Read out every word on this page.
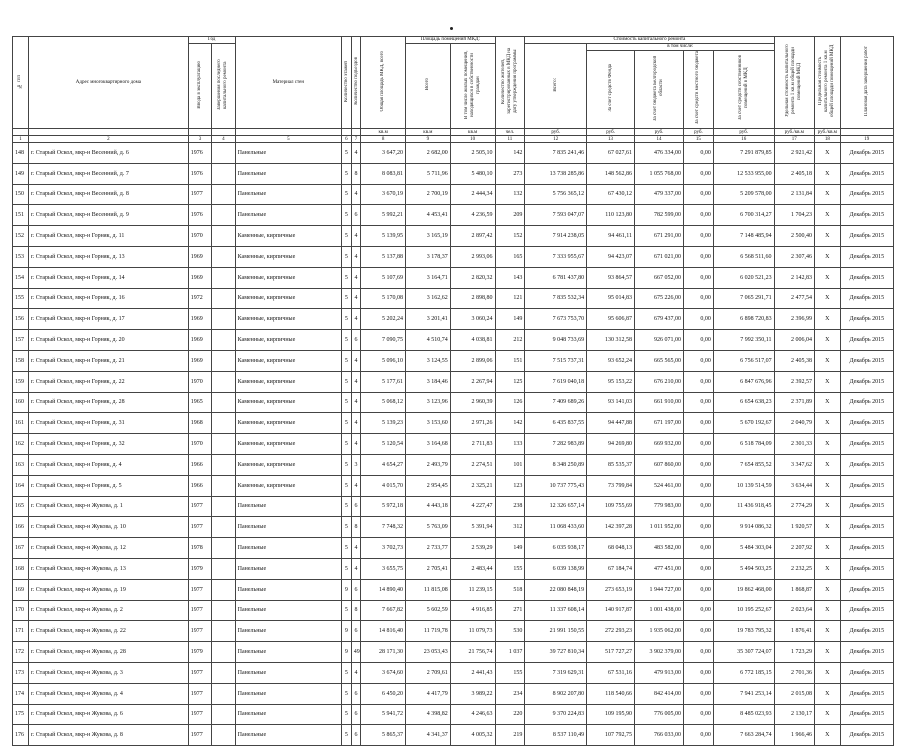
№ п/п	Адрес многоквартирного дома	Год		Материал стен	Количество этажей	Количество подъездов	Общая площадь МКД, всего	Площадь помещений МКД:		Количество жителей, зарегистрированных в МКД на дату утверждения программы	Стоимость капитального ремонта					Удельная стоимость капитального ремонта 1 кв.м общей площади помещений МКД	Предельная стоимость капитального ремонта 1 кв.м общей площади помещений МКД	Плановая дата завершения работ
		Ввода в эксплуатацию	Завершения последнего капитального ремонта					Всего	В том числе жилых помещений, находящихся в собственности граждан		Всего:	в том числе:						
												За счет средств Фонда	За счет бюджета Белгородской области	За счет средств местного бюджета	За счет средств собственников помещений в МКД			
							кв.м	кв.м	кв.м	чел.	руб.	руб.	руб.	руб.	руб.	руб./кв.м	руб./кв.м	
1	2	3	4	5	6	7	8	9	10	11	12	13	14	15	16	17	18	19
148	г. Старый Оскол, мкр-н Весенний, д. 6	1976		Панельные	5	4	3 647,20	2 682,00	2 505,10	142	7 835 241,46	67 027,61	476 334,00	0,00	7 291 879,85	2 921,42	X	Декабрь 2015
149	г. Старый Оскол, мкр-н Весенний, д. 7	1976		Панельные	5	8	8 083,81	5 711,96	5 480,10	273	13 738 285,86	148 562,86	1 055 768,00	0,00	12 533 955,00	2 405,18	X	Декабрь 2015
150	г. Старый Оскол, мкр-н Весенний, д. 8	1977		Панельные	5	4	3 670,19	2 700,19	2 444,34	132	5 756 365,12	67 430,12	479 337,00	0,00	5 209 578,00	2 131,84	X	Декабрь 2015
151	г. Старый Оскол, мкр-н Весенний, д. 9	1976		Панельные	5	6	5 992,21	4 453,41	4 236,59	209	7 593 047,07	110 123,80	782 599,00	0,00	6 700 314,27	1 704,23	X	Декабрь 2015
152	г. Старый Оскол, мкр-н Горняк, д. 11	1970		Каменные, кирпичные	5	4	5 139,95	3 165,19	2 897,42	152	7 914 238,05	94 461,11	671 291,00	0,00	7 148 485,94	2 500,40	X	Декабрь 2015
153	г. Старый Оскол, мкр-н Горняк, д. 13	1969		Каменные, кирпичные	5	4	5 137,88	3 178,37	2 993,06	165	7 333 955,67	94 423,07	671 021,00	0,00	6 568 511,60	2 307,46	X	Декабрь 2015
154	г. Старый Оскол, мкр-н Горняк, д. 14	1969		Каменные, кирпичные	5	4	5 107,69	3 164,71	2 820,32	143	6 781 437,80	93 864,57	667 052,00	0,00	6 020 521,23	2 142,83	X	Декабрь 2015
155	г. Старый Оскол, мкр-н Горняк, д. 16	1972		Каменные, кирпичные	5	4	5 170,08	3 162,62	2 898,80	121	7 835 532,34	95 014,83	675 226,00	0,00	7 065 291,71	2 477,54	X	Декабрь 2015
156	г. Старый Оскол, мкр-н Горняк, д. 17	1969		Каменные, кирпичные	5	4	5 202,24	3 201,41	3 060,24	149	7 673 753,70	95 606,87	679 437,00	0,00	6 898 720,83	2 396,99	X	Декабрь 2015
157	г. Старый Оскол, мкр-н Горняк, д. 20	1969		Каменные, кирпичные	5	6	7 090,75	4 510,74	4 038,81	212	9 048 733,69	130 312,58	926 071,00	0,00	7 992 350,11	2 006,04	X	Декабрь 2015
158	г. Старый Оскол, мкр-н Горняк, д. 21	1969		Каменные, кирпичные	5	4	5 096,10	3 124,55	2 899,06	151	7 515 737,31	93 652,24	665 565,00	0,00	6 756 517,07	2 405,38	X	Декабрь 2015
159	г. Старый Оскол, мкр-н Горняк, д. 22	1970		Каменные, кирпичные	5	4	5 177,61	3 184,46	2 267,94	125	7 619 040,18	95 153,22	676 210,00	0,00	6 847 676,96	2 392,57	X	Декабрь 2015
160	г. Старый Оскол, мкр-н Горняк, д. 28	1965		Каменные, кирпичные	5	4	5 068,12	3 123,96	2 960,39	126	7 409 689,26	93 141,03	661 910,00	0,00	6 654 638,23	2 371,89	X	Декабрь 2015
161	г. Старый Оскол, мкр-н Горняк, д. 31	1968		Каменные, кирпичные	5	4	5 139,23	3 153,60	2 971,26	142	6 435 837,55	94 447,88	671 197,00	0,00	5 670 192,67	2 040,79	X	Декабрь 2015
162	г. Старый Оскол, мкр-н Горняк, д. 32	1970		Каменные, кирпичные	5	4	5 120,54	3 164,68	2 711,83	133	7 282 983,89	94 269,80	669 932,00	0,00	6 518 784,09	2 301,33	X	Декабрь 2015
163	г. Старый Оскол, мкр-н Горняк, д. 4	1966		Каменные, кирпичные	5	3	4 654,27	2 493,79	2 274,51	101	8 348 250,89	85 535,37	607 860,00	0,00	7 654 855,52	3 347,62	X	Декабрь 2015
164	г. Старый Оскол, мкр-н Горняк, д. 5	1966		Каменные, кирпичные	5	4	4 015,70	2 954,45	2 325,21	123	10 737 775,43	73 799,84	524 461,00	0,00	10 139 514,59	3 634,44	X	Декабрь 2015
165	г. Старый Оскол, мкр-н Жукова, д. 1	1977		Панельные	5	6	5 972,18	4 443,18	4 227,47	238	12 326 657,14	109 755,69	779 983,00	0,00	11 436 918,45	2 774,29	X	Декабрь 2015
166	г. Старый Оскол, мкр-н Жукова, д. 10	1977		Панельные	5	8	7 748,32	5 763,09	5 391,94	312	11 068 433,60	142 397,28	1 011 952,00	0,00	9 914 086,32	1 920,57	X	Декабрь 2015
167	г. Старый Оскол, мкр-н Жукова, д. 12	1978		Панельные	5	4	3 702,73	2 733,77	2 539,29	149	6 035 938,17	68 048,13	483 582,00	0,00	5 484 303,04	2 207,92	X	Декабрь 2015
168	г. Старый Оскол, мкр-н Жукова, д. 13	1979		Панельные	5	4	3 655,75	2 705,41	2 483,44	155	6 039 138,99	67 184,74	477 451,00	0,00	5 494 503,25	2 232,25	X	Декабрь 2015
169	г. Старый Оскол, мкр-н Жукова, д. 19	1977		Панельные	9	6	14 890,40	11 815,08	11 239,15	518	22 080 848,19	273 653,19	1 944 727,00	0,00	19 862 468,00	1 868,87	X	Декабрь 2015
170	г. Старый Оскол, мкр-н Жукова, д. 2	1977		Панельные	5	8	7 667,82	5 602,59	4 916,85	271	11 337 608,14	140 917,87	1 001 438,00	0,00	10 195 252,67	2 023,64	X	Декабрь 2015
171	г. Старый Оскол, мкр-н Жукова, д. 22	1977		Панельные	9	6	14 816,40	11 719,78	11 079,73	530	21 991 150,55	272 293,23	1 935 062,00	0,00	19 783 795,32	1 876,41	X	Декабрь 2015
172	г. Старый Оскол, мкр-н Жукова, д. 28	1979		Панельные	9	49	28 171,30	23 053,43	21 756,74	1 037	39 727 810,34	517 727,27	3 902 379,00	0,00	35 307 724,07	1 723,29	X	Декабрь 2015
173	г. Старый Оскол, мкр-н Жукова, д. 3	1977		Панельные	5	4	3 674,60	2 709,61	2 441,43	155	7 319 629,31	67 531,16	479 913,00	0,00	6 772 185,15	2 701,36	X	Декабрь 2015
174	г. Старый Оскол, мкр-н Жукова, д. 4	1977		Панельные	5	6	6 450,20	4 417,79	3 989,22	234	8 902 207,80	118 540,66	842 414,00	0,00	7 941 253,14	2 015,08	X	Декабрь 2015
175	г. Старый Оскол, мкр-н Жукова, д. 6	1977		Панельные	5	6	5 941,72	4 398,82	4 246,63	220	9 370 224,83	109 195,90	776 005,00	0,00	8 485 023,93	2 130,17	X	Декабрь 2015
176	г. Старый Оскол, мкр-н Жукова, д. 8	1977		Панельные	5	6	5 865,37	4 341,37	4 005,32	219	8 537 110,49	107 792,75	766 033,00	0,00	7 663 284,74	1 966,46	X	Декабрь 2015
